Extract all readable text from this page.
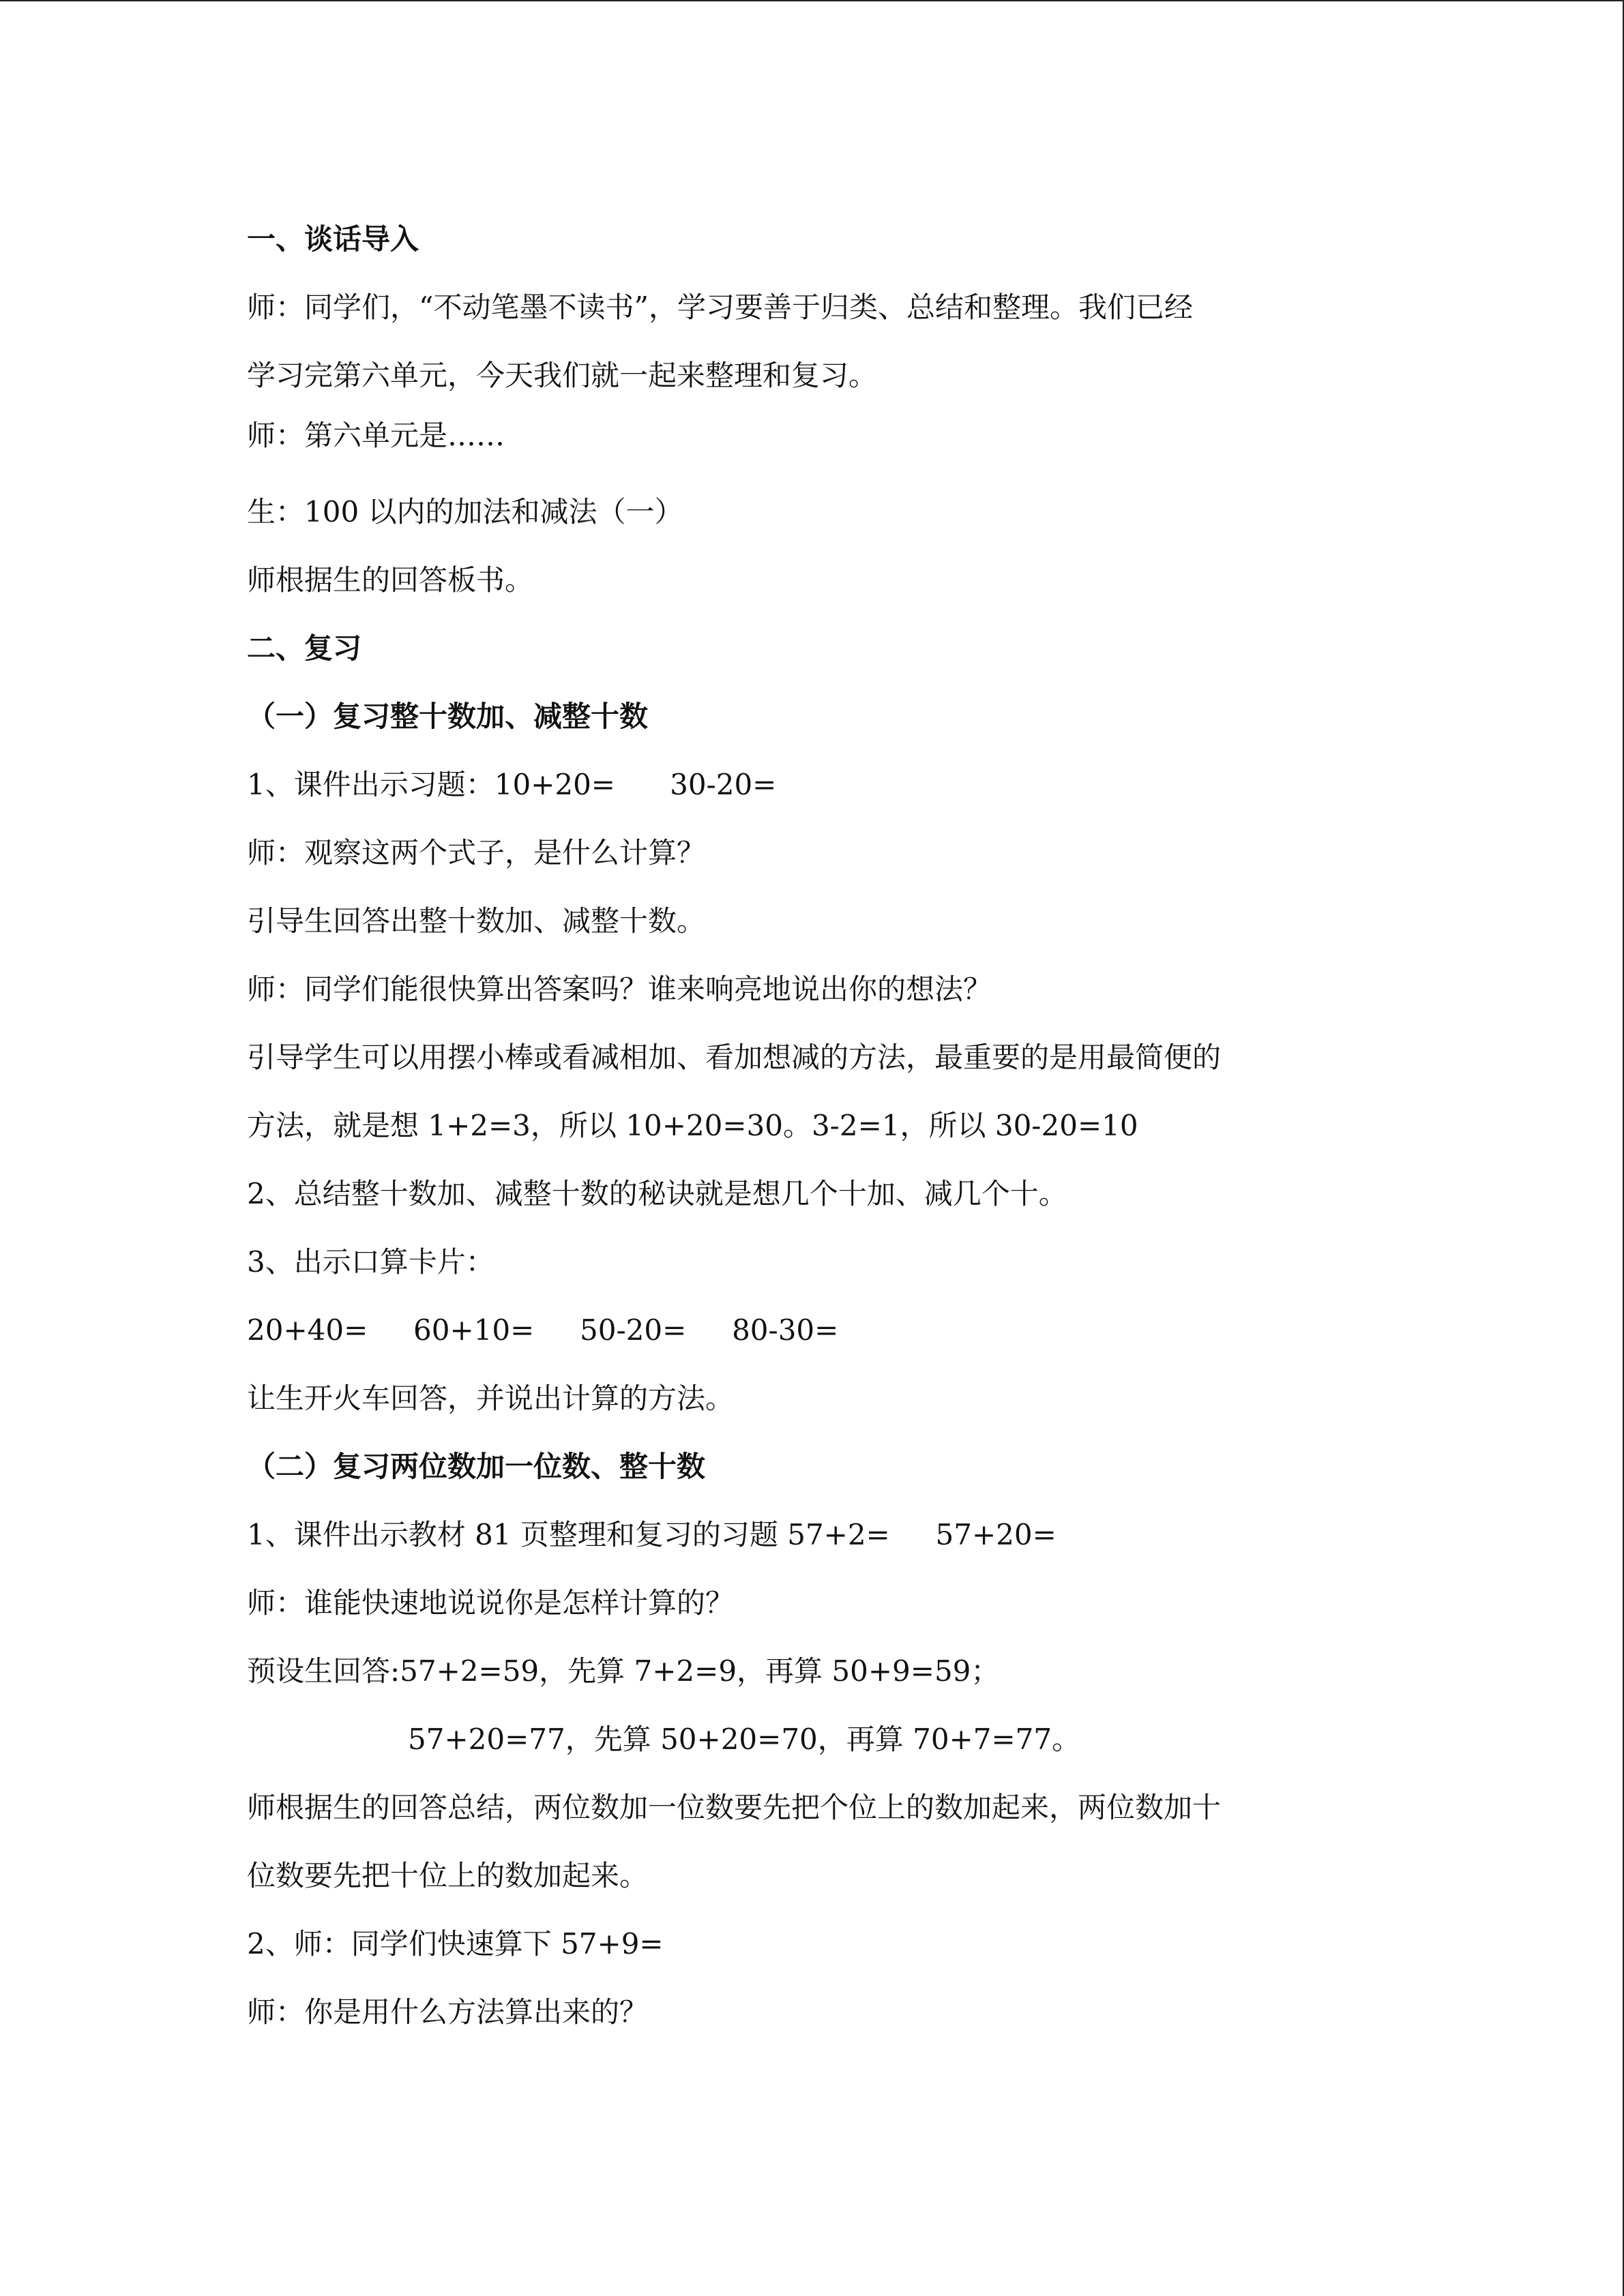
一、谈话导入
师：同学们，“不动笔墨不读书”，学习要善于归类、总结和整理。我们已经
学习完第六单元，今天我们就一起来整理和复习。
师：第六单元是……
生：100 以内的加法和减法（一）
师根据生的回答板书。
二、复习
（一）复习整十数加、减整十数
1、课件出示习题：10+20=      30-20=
师：观察这两个式子，是什么计算？
引导生回答出整十数加、减整十数。
师：同学们能很快算出答案吗？谁来响亮地说出你的想法？
引导学生可以用摆小棒或看减相加、看加想减的方法，最重要的是用最简便的
方法，就是想 1+2=3，所以 10+20=30。3-2=1，所以 30-20=10
2、总结整十数加、减整十数的秘诀就是想几个十加、减几个十。
3、出示口算卡片：
20+40=     60+10=     50-20=     80-30=
让生开火车回答，并说出计算的方法。
（二）复习两位数加一位数、整十数
1、课件出示教材 81 页整理和复习的习题 57+2=     57+20=
师：谁能快速地说说你是怎样计算的？
预设生回答:57+2=59，先算 7+2=9，再算 50+9=59；
57+20=77，先算 50+20=70，再算 70+7=77。
师根据生的回答总结，两位数加一位数要先把个位上的数加起来，两位数加十
位数要先把十位上的数加起来。
2、师：同学们快速算下 57+9=
师：你是用什么方法算出来的？
